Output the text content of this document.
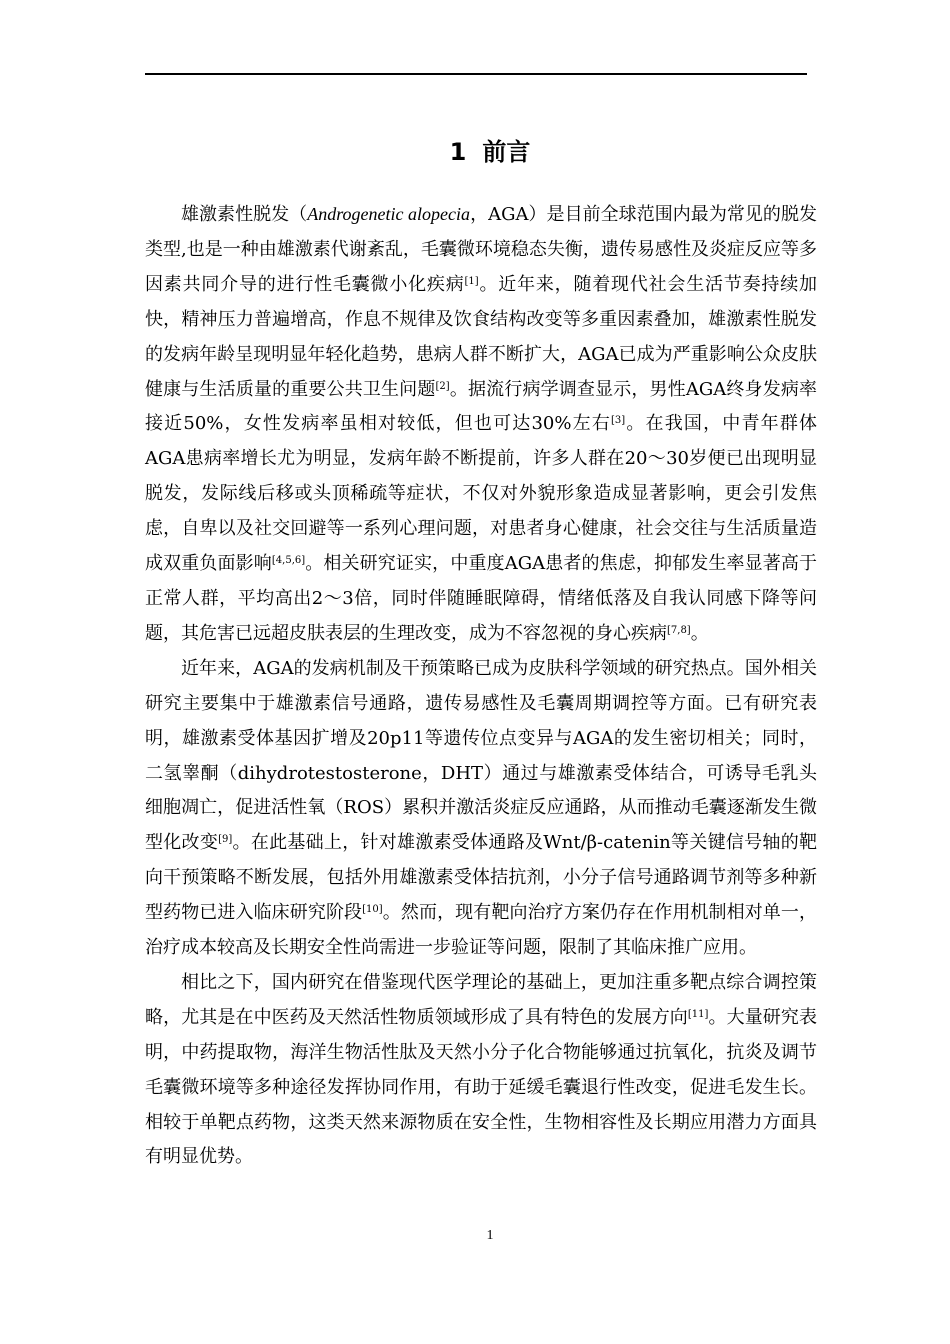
1 前言

雄激素性脱发（Androgenetic alopecia，AGA）是目前全球范围内最为常见的脱发类型,也是一种由雄激素代谢紊乱，毛囊微环境稳态失衡，遗传易感性及炎症反应等多因素共同介导的进行性毛囊微小化疾病[1]。近年来，随着现代社会生活节奏持续加快，精神压力普遍增高，作息不规律及饮食结构改变等多重因素叠加，雄激素性脱发的发病年龄呈现明显年轻化趋势，患病人群不断扩大，AGA已成为严重影响公众皮肤健康与生活质量的重要公共卫生问题[2]。据流行病学调查显示，男性AGA终身发病率接近50%，女性发病率虽相对较低，但也可达30%左右[3]。在我国，中青年群体AGA患病率增长尤为明显，发病年龄不断提前，许多人群在20～30岁便已出现明显脱发，发际线后移或头顶稀疏等症状，不仅对外貌形象造成显著影响，更会引发焦虑，自卑以及社交回避等一系列心理问题，对患者身心健康，社会交往与生活质量造成双重负面影响[4,5,6]。相关研究证实，中重度AGA患者的焦虑，抑郁发生率显著高于正常人群，平均高出2～3倍，同时伴随睡眠障碍，情绪低落及自我认同感下降等问题，其危害已远超皮肤表层的生理改变，成为不容忽视的身心疾病[7,8]。

近年来，AGA的发病机制及干预策略已成为皮肤科学领域的研究热点。国外相关研究主要集中于雄激素信号通路，遗传易感性及毛囊周期调控等方面。已有研究表明，雄激素受体基因扩增及20p11等遗传位点变异与AGA的发生密切相关；同时，二氢睾酮（dihydrotestosterone，DHT）通过与雄激素受体结合，可诱导毛乳头细胞凋亡，促进活性氧（ROS）累积并激活炎症反应通路，从而推动毛囊逐渐发生微型化改变[9]。在此基础上，针对雄激素受体通路及Wnt/β-catenin等关键信号轴的靶向干预策略不断发展，包括外用雄激素受体拮抗剂，小分子信号通路调节剂等多种新型药物已进入临床研究阶段[10]。然而，现有靶向治疗方案仍存在作用机制相对单一，治疗成本较高及长期安全性尚需进一步验证等问题，限制了其临床推广应用。

相比之下，国内研究在借鉴现代医学理论的基础上，更加注重多靶点综合调控策略，尤其是在中医药及天然活性物质领域形成了具有特色的发展方向[11]。大量研究表明，中药提取物，海洋生物活性肽及天然小分子化合物能够通过抗氧化，抗炎及调节毛囊微环境等多种途径发挥协同作用，有助于延缓毛囊退行性改变，促进毛发生长。相较于单靶点药物，这类天然来源物质在安全性，生物相容性及长期应用潜力方面具有明显优势。

1
